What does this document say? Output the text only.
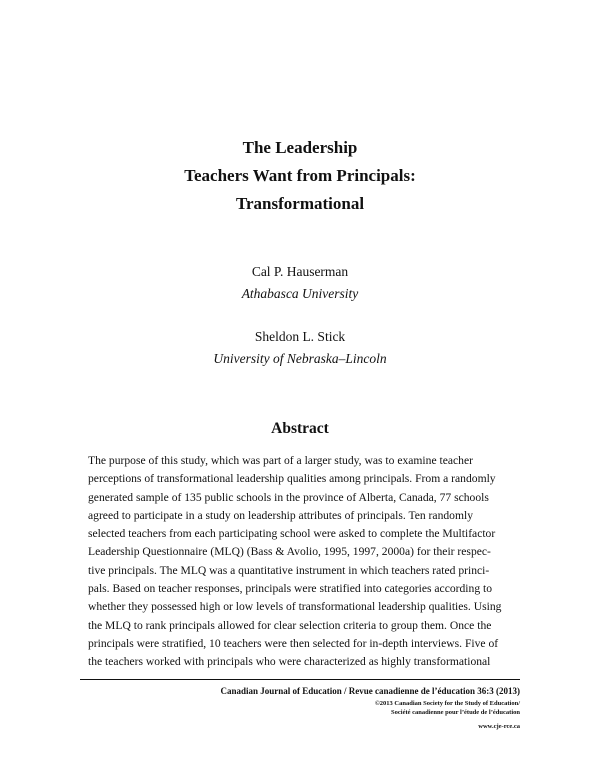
The Leadership
Teachers Want from Principals:
Transformational
Cal P. Hauserman
Athabasca University
Sheldon L. Stick
University of Nebraska–Lincoln
Abstract
The purpose of this study, which was part of a larger study, was to examine teacher
perceptions of transformational leadership qualities among principals. From a randomly
generated sample of 135 public schools in the province of Alberta, Canada, 77 schools
agreed to participate in a study on leadership attributes of principals. Ten randomly
selected teachers from each participating school were asked to complete the Multifactor
Leadership Questionnaire (MLQ) (Bass & Avolio, 1995, 1997, 2000a) for their respec-
tive principals. The MLQ was a quantitative instrument in which teachers rated princi-
pals. Based on teacher responses, principals were stratified into categories according to
whether they possessed high or low levels of transformational leadership qualities. Using
the MLQ to rank principals allowed for clear selection criteria to group them. Once the
principals were stratified, 10 teachers were then selected for in-depth interviews. Five of
the teachers worked with principals who were characterized as highly transformational
Canadian Journal of Education / Revue canadienne de l’éducation 36:3 (2013)
©2013 Canadian Society for the Study of Education/
Société canadienne pour l’étude de l’éducation
www.cje-rce.ca
